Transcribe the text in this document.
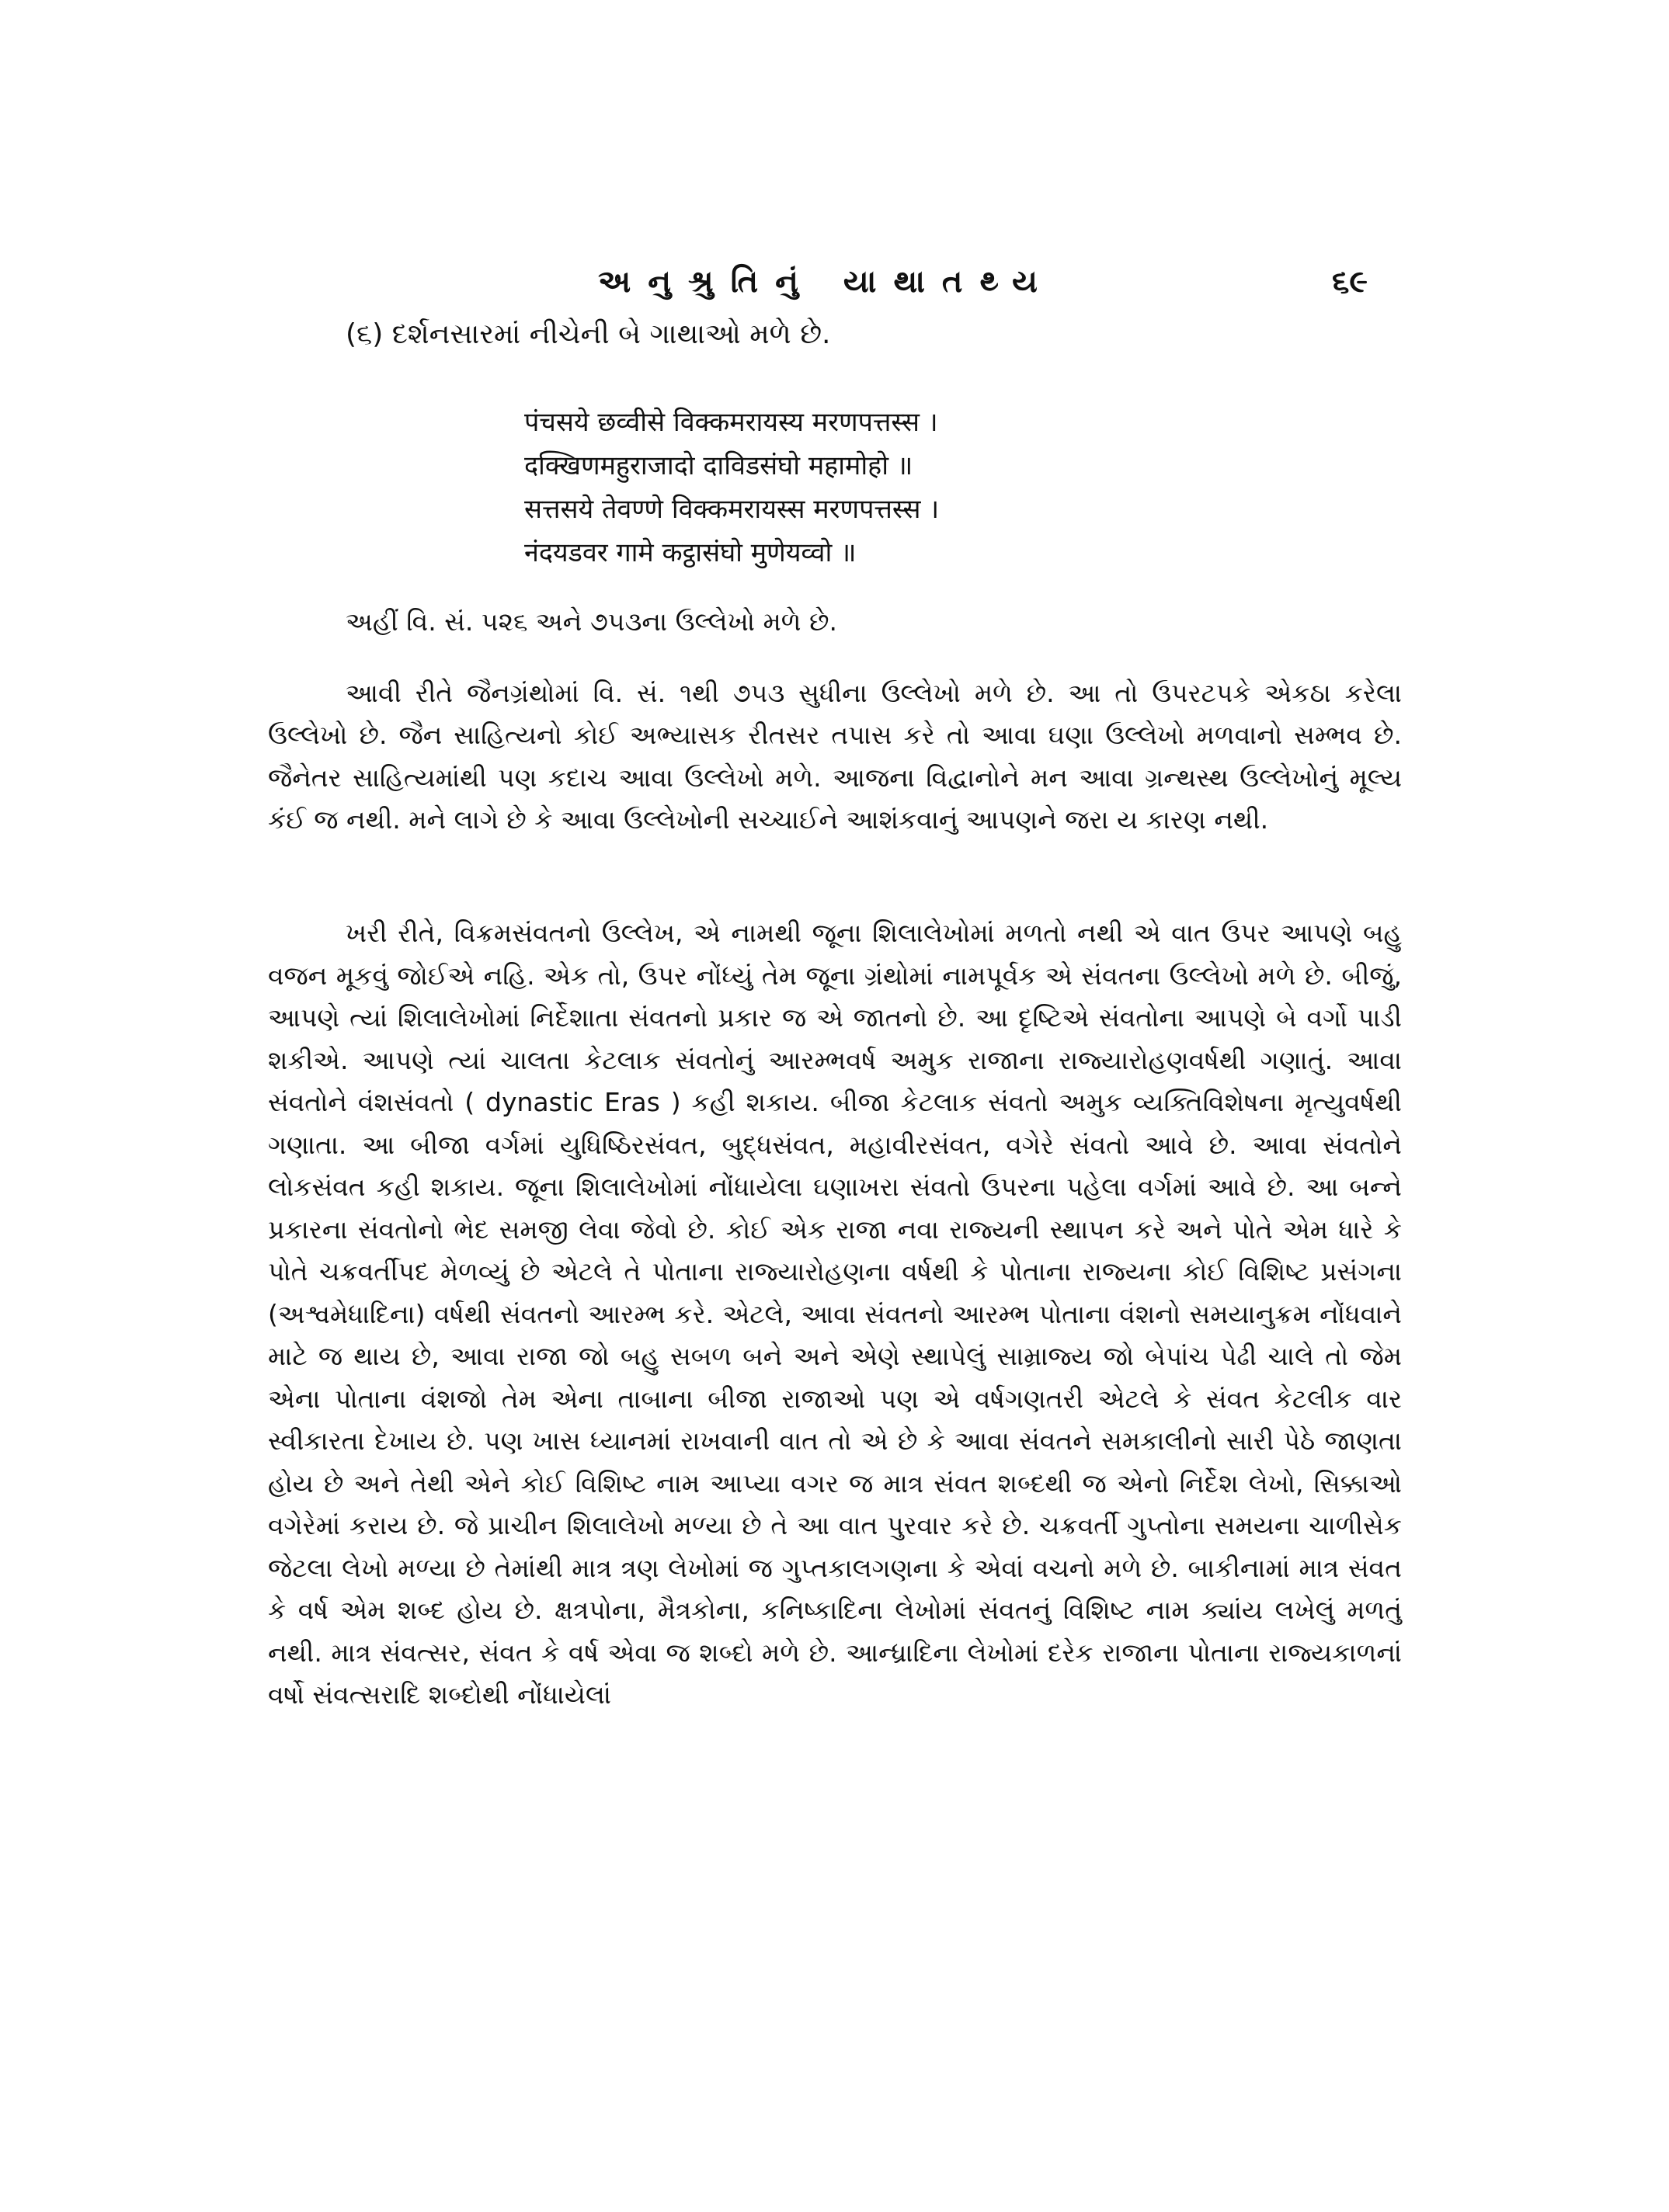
અનુશ્રુતિનું યાથાતથ્ય	૬૯
(૬) દર્શનસારમાં નીચેની બે ગાથાઓ મળે છે.
पंचसये छव्वीसे विक्कमरायस्य मरणपत्तस्स ।
दक्खिणमहुराजादो दाविडसंघो महामोहो ॥
सत्तसये तेवण्णे विक्कमरायस्स मरणपत्तस्स ।
नंदयडवर गामे कट्ठासंघो मुणेयव्वो ॥
અહીં વિ. સં. ૫૨૬ અને ૭૫૩ના ઉલ્લેખો મળે છે.

આવી રીતે જૈનગ્રંથોમાં વિ. સં. ૧થી ૭૫૩ સુધીના ઉલ્લેખો મળે છે. આ તો ઉપરટપકે એકઠા કરેલા ઉલ્લેખો છે. જૈન સાહિત્યનો કોઈ અભ્યાસક રીતસર તપાસ કરે તો આવા ઘણા ઉલ્લેખો મળવાનો સમ્ભવ છે. જૈનેતર સાહિત્યમાંથી પણ કદાચ આવા ઉલ્લેખો મળે. આજના વિદ્વાનોને મન આવા ગ્રન્થસ્થ ઉલ્લેખોનું મૂલ્ય કંઈ જ નથી. મને લાગે છે કે આવા ઉલ્લેખોની સચ્ચાઈને આશંકવાનું આપણને જરા ય કારણ નથી.

ખરી રીતે, વિક્રમસંવતનો ઉલ્લેખ, એ નામથી જૂના શિલાલેખોમાં મળતો નથી એ વાત ઉપર આપણે બહુ વજન મૂકવું જોઈએ નહિ. એક તો, ઉપર નોંધ્યું તેમ જૂના ગ્રંથોમાં નામપૂર્વક એ સંવતના ઉલ્લેખો મળે છે. બીજું, આપણે ત્યાં શિલાલેખોમાં નિર્દેશાતા સંવતનો પ્રકાર જ એ જાતનો છે. આ દૃષ્ટિએ સંવતોના આપણે બે વર્ગો પાડી શકીએ. આપણે ત્યાં ચાલતા કેટલાક સંવતોનું આરમ્ભવર્ષ અમુક રાજાના રાજ્યારોહણવર્ષથી ગણાતું. આવા સંવતોને વંશસંવતો ( dynastic Eras ) કહી શકાય. બીજા કેટલાક સંવતો અમુક વ્યક્તિવિશેષના મૃત્યુવર્ષથી ગણાતા. આ બીજા વર્ગમાં યુધિષ્ઠિરસંવત, બુદ્ધસંવત, મહાવીરસંવત, વગેરે સંવતો આવે છે. આવા સંવતોને લોકસંવત કહી શકાય. જૂના શિલાલેખોમાં નોંધાયેલા ઘણાખરા સંવતો ઉપરના પહેલા વર્ગમાં આવે છે. આ બન્ને પ્રકારના સંવતોનો ભેદ સમજી લેવા જેવો છે. કોઈ એક રાજા નવા રાજ્યની સ્થાપન કરે અને પોતે એમ ધારે કે પોતે ચક્રવર્તીપદ મેળવ્યું છે એટલે તે પોતાના રાજ્યારોહણના વર્ષથી કે પોતાના રાજ્યના કોઈ વિશિષ્ટ પ્રસંગના (અશ્વમેધાદિના) વર્ષથી સંવતનો આરમ્ભ કરે. એટલે, આવા સંવતનો આરમ્ભ પોતાના વંશનો સમયાનુક્રમ નોંધવાને માટે જ થાય છે, આવા રાજા જો બહુ સબળ બને અને એણે સ્થાપેલું સામ્રાજ્ય જો બેપાંચ પેઢી ચાલે તો જેમ એના પોતાના વંશજો તેમ એના તાબાના બીજા રાજાઓ પણ એ વર્ષગણતરી એટલે કે સંવત કેટલીક વાર સ્વીકારતા દેખાય છે. પણ ખાસ ધ્યાનમાં રાખવાની વાત તો એ છે કે આવા સંવતને સમકાલીનો સારી પેઠે જાણતા હોય છે અને તેથી એને કોઈ વિશિષ્ટ નામ આપ્યા વગર જ માત્ર સંવત શબ્દથી જ એનો નિર્દેશ લેખો, સિક્કાઓ વગેરેમાં કરાય છે. જે પ્રાચીન શિલાલેખો મળ્યા છે તે આ વાત પુરવાર કરે છે. ચક્રવર્તી ગુપ્તોના સમયના ચાળીસેક જેટલા લેખો મળ્યા છે તેમાંથી માત્ર ત્રણ લેખોમાં જ ગુપ્તકાલગણના કે એવાં વચનો મળે છે. બાકીનામાં માત્ર સંવત કે વર્ષ એમ શબ્દ હોય છે. ક્ષત્રપોના, મૈત્રકોના, કનિષ્કાદિના લેખોમાં સંવતનું વિશિષ્ટ નામ ક્યાંય લખેલું મળતું નથી. માત્ર સંવત્સર, સંવત કે વર્ષ એવા જ શબ્દો મળે છે. આન્ધ્રાદિના લેખોમાં દરેક રાજાના પોતાના રાજ્યકાળનાં વર્ષો સંવત્સરાદિ શબ્દોથી નોંધાયેલાં
